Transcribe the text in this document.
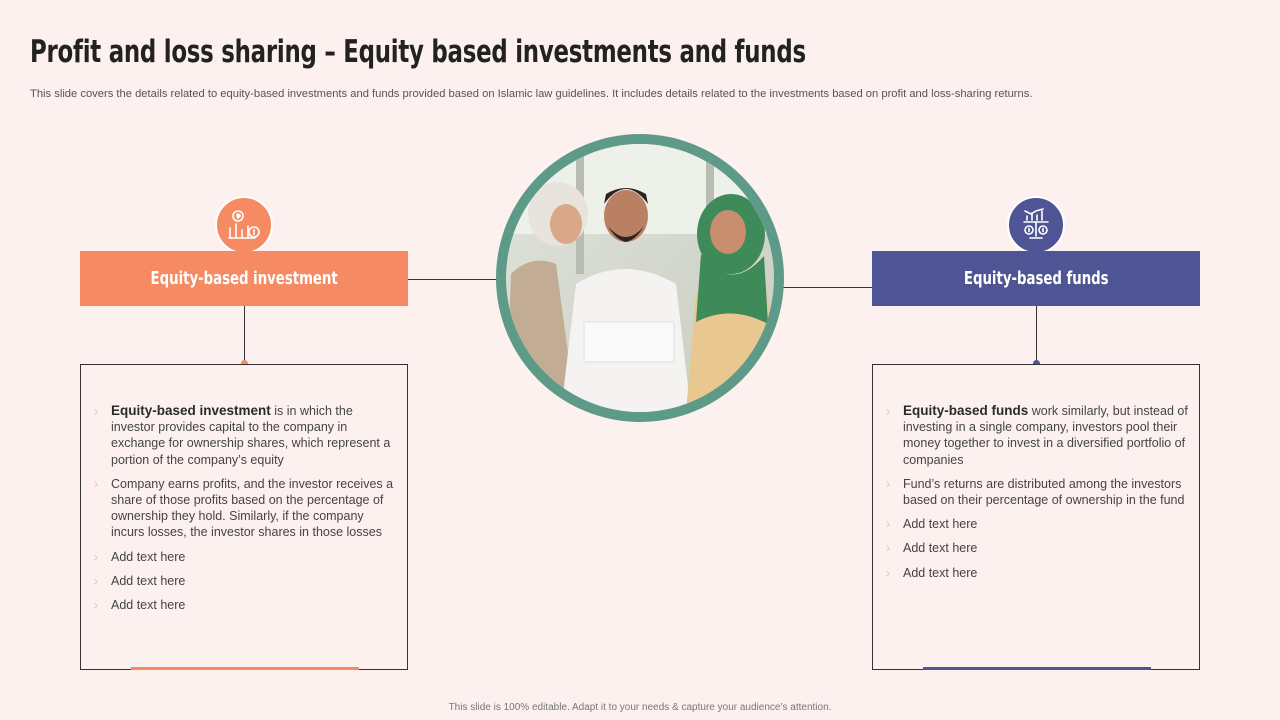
Profit and loss sharing – Equity based investments and funds
This slide covers the details related to equity-based investments and funds provided based on Islamic law guidelines. It includes details related to the investments based on profit and loss-sharing returns.
Equity-based investment	Equity-based funds
› Equity-based investment is in which the investor provides capital to the company in exchange for ownership shares, which represent a portion of the company’s equity
› Company earns profits, and the investor receives a share of those profits based on the percentage of ownership they hold. Similarly, if the company incurs losses, the investor shares in those losses
› Add text here
› Add text here
› Add text here
› Equity-based funds work similarly, but instead of investing in a single company, investors pool their money together to invest in a diversified portfolio of companies
› Fund’s returns are distributed among the investors based on their percentage of ownership in the fund
› Add text here
› Add text here
› Add text here
This slide is 100% editable. Adapt it to your needs & capture your audience’s attention.
